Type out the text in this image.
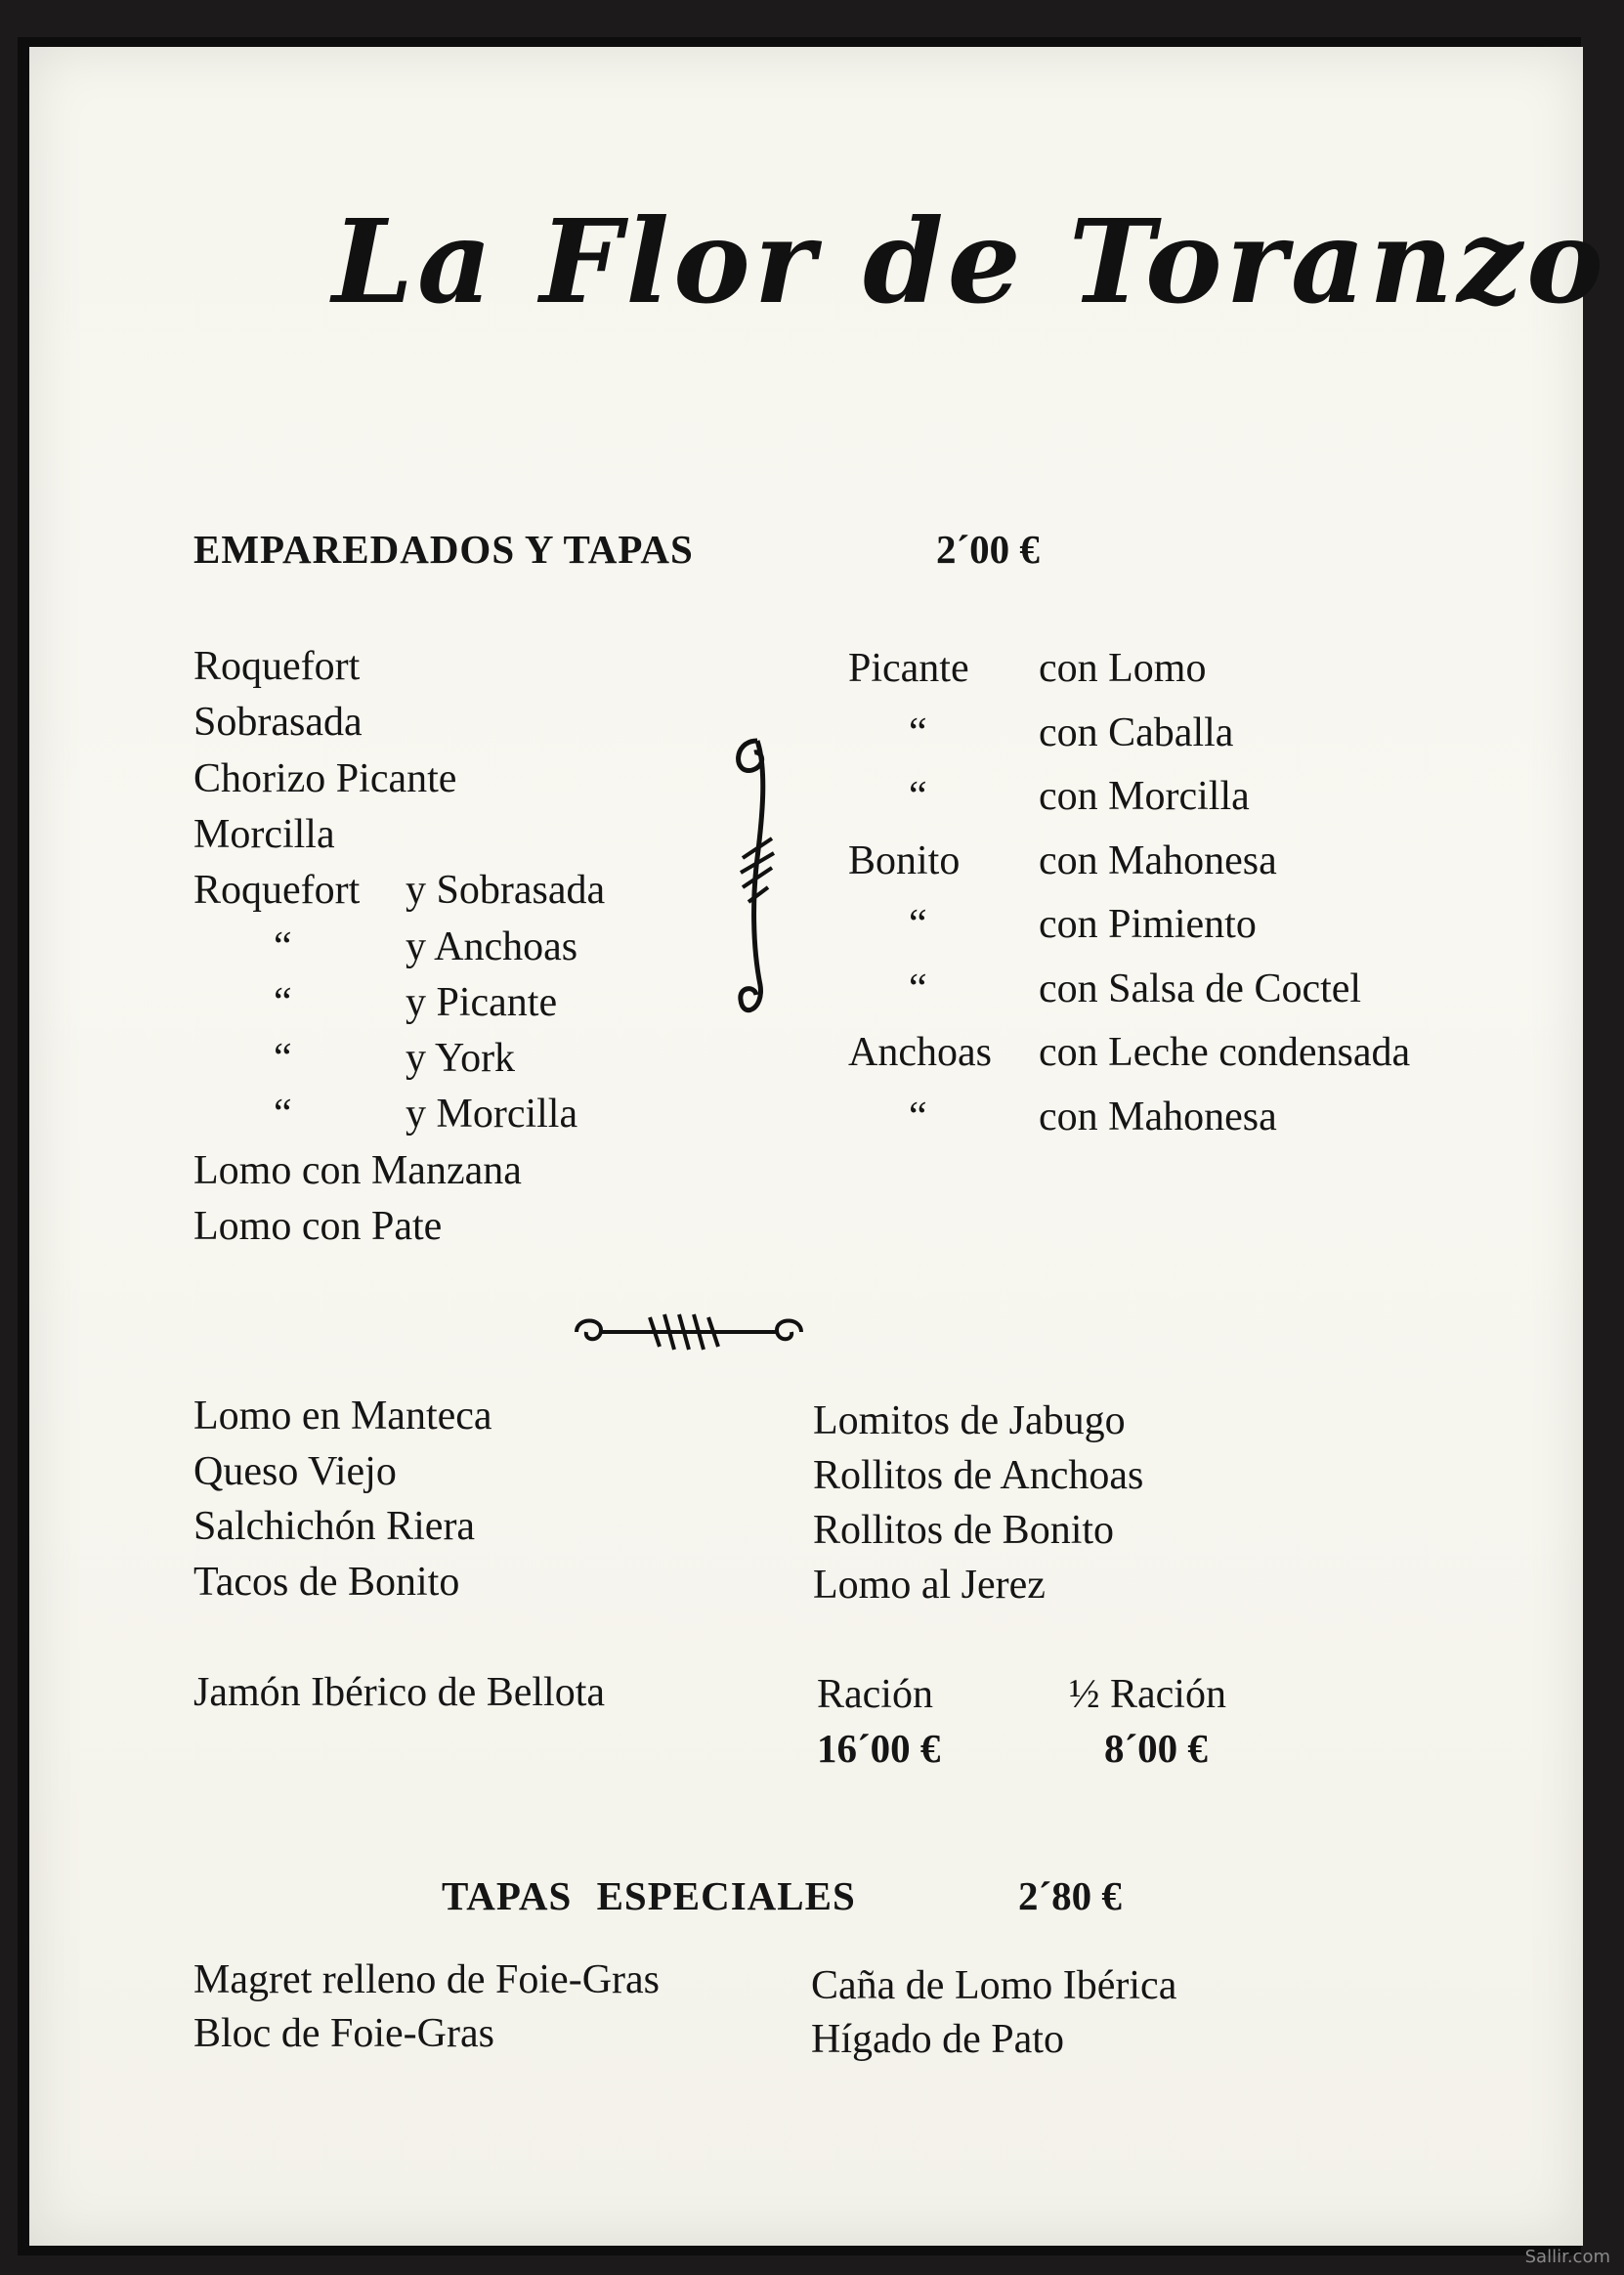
La Flor de Toranzo
EMPAREDADOS Y TAPAS	2´00 €
Roquefort
Sobrasada
Chorizo Picante
Morcilla
Roquefort y Sobrasada
“	y Anchoas
“	y Picante
“	y York
“	y Morcilla
Lomo con Manzana
Lomo con Pate
Picante con Lomo
“	con Caballa
“	con Morcilla
Bonito con Mahonesa
“	con Pimiento
“	con Salsa de Coctel
Anchoas con Leche condensada
“	con Mahonesa
Lomo en Manteca
Queso Viejo
Salchichón Riera
Tacos de Bonito
Lomitos de Jabugo
Rollitos de Anchoas
Rollitos de Bonito
Lomo al Jerez
Jamón Ibérico de Bellota	Ración	½ Ración
16´00 €	8´00 €
TAPAS ESPECIALES	2´80 €
Magret relleno de Foie-Gras
Bloc de Foie-Gras
Caña de Lomo Ibérica
Hígado de Pato
Sallir.com
